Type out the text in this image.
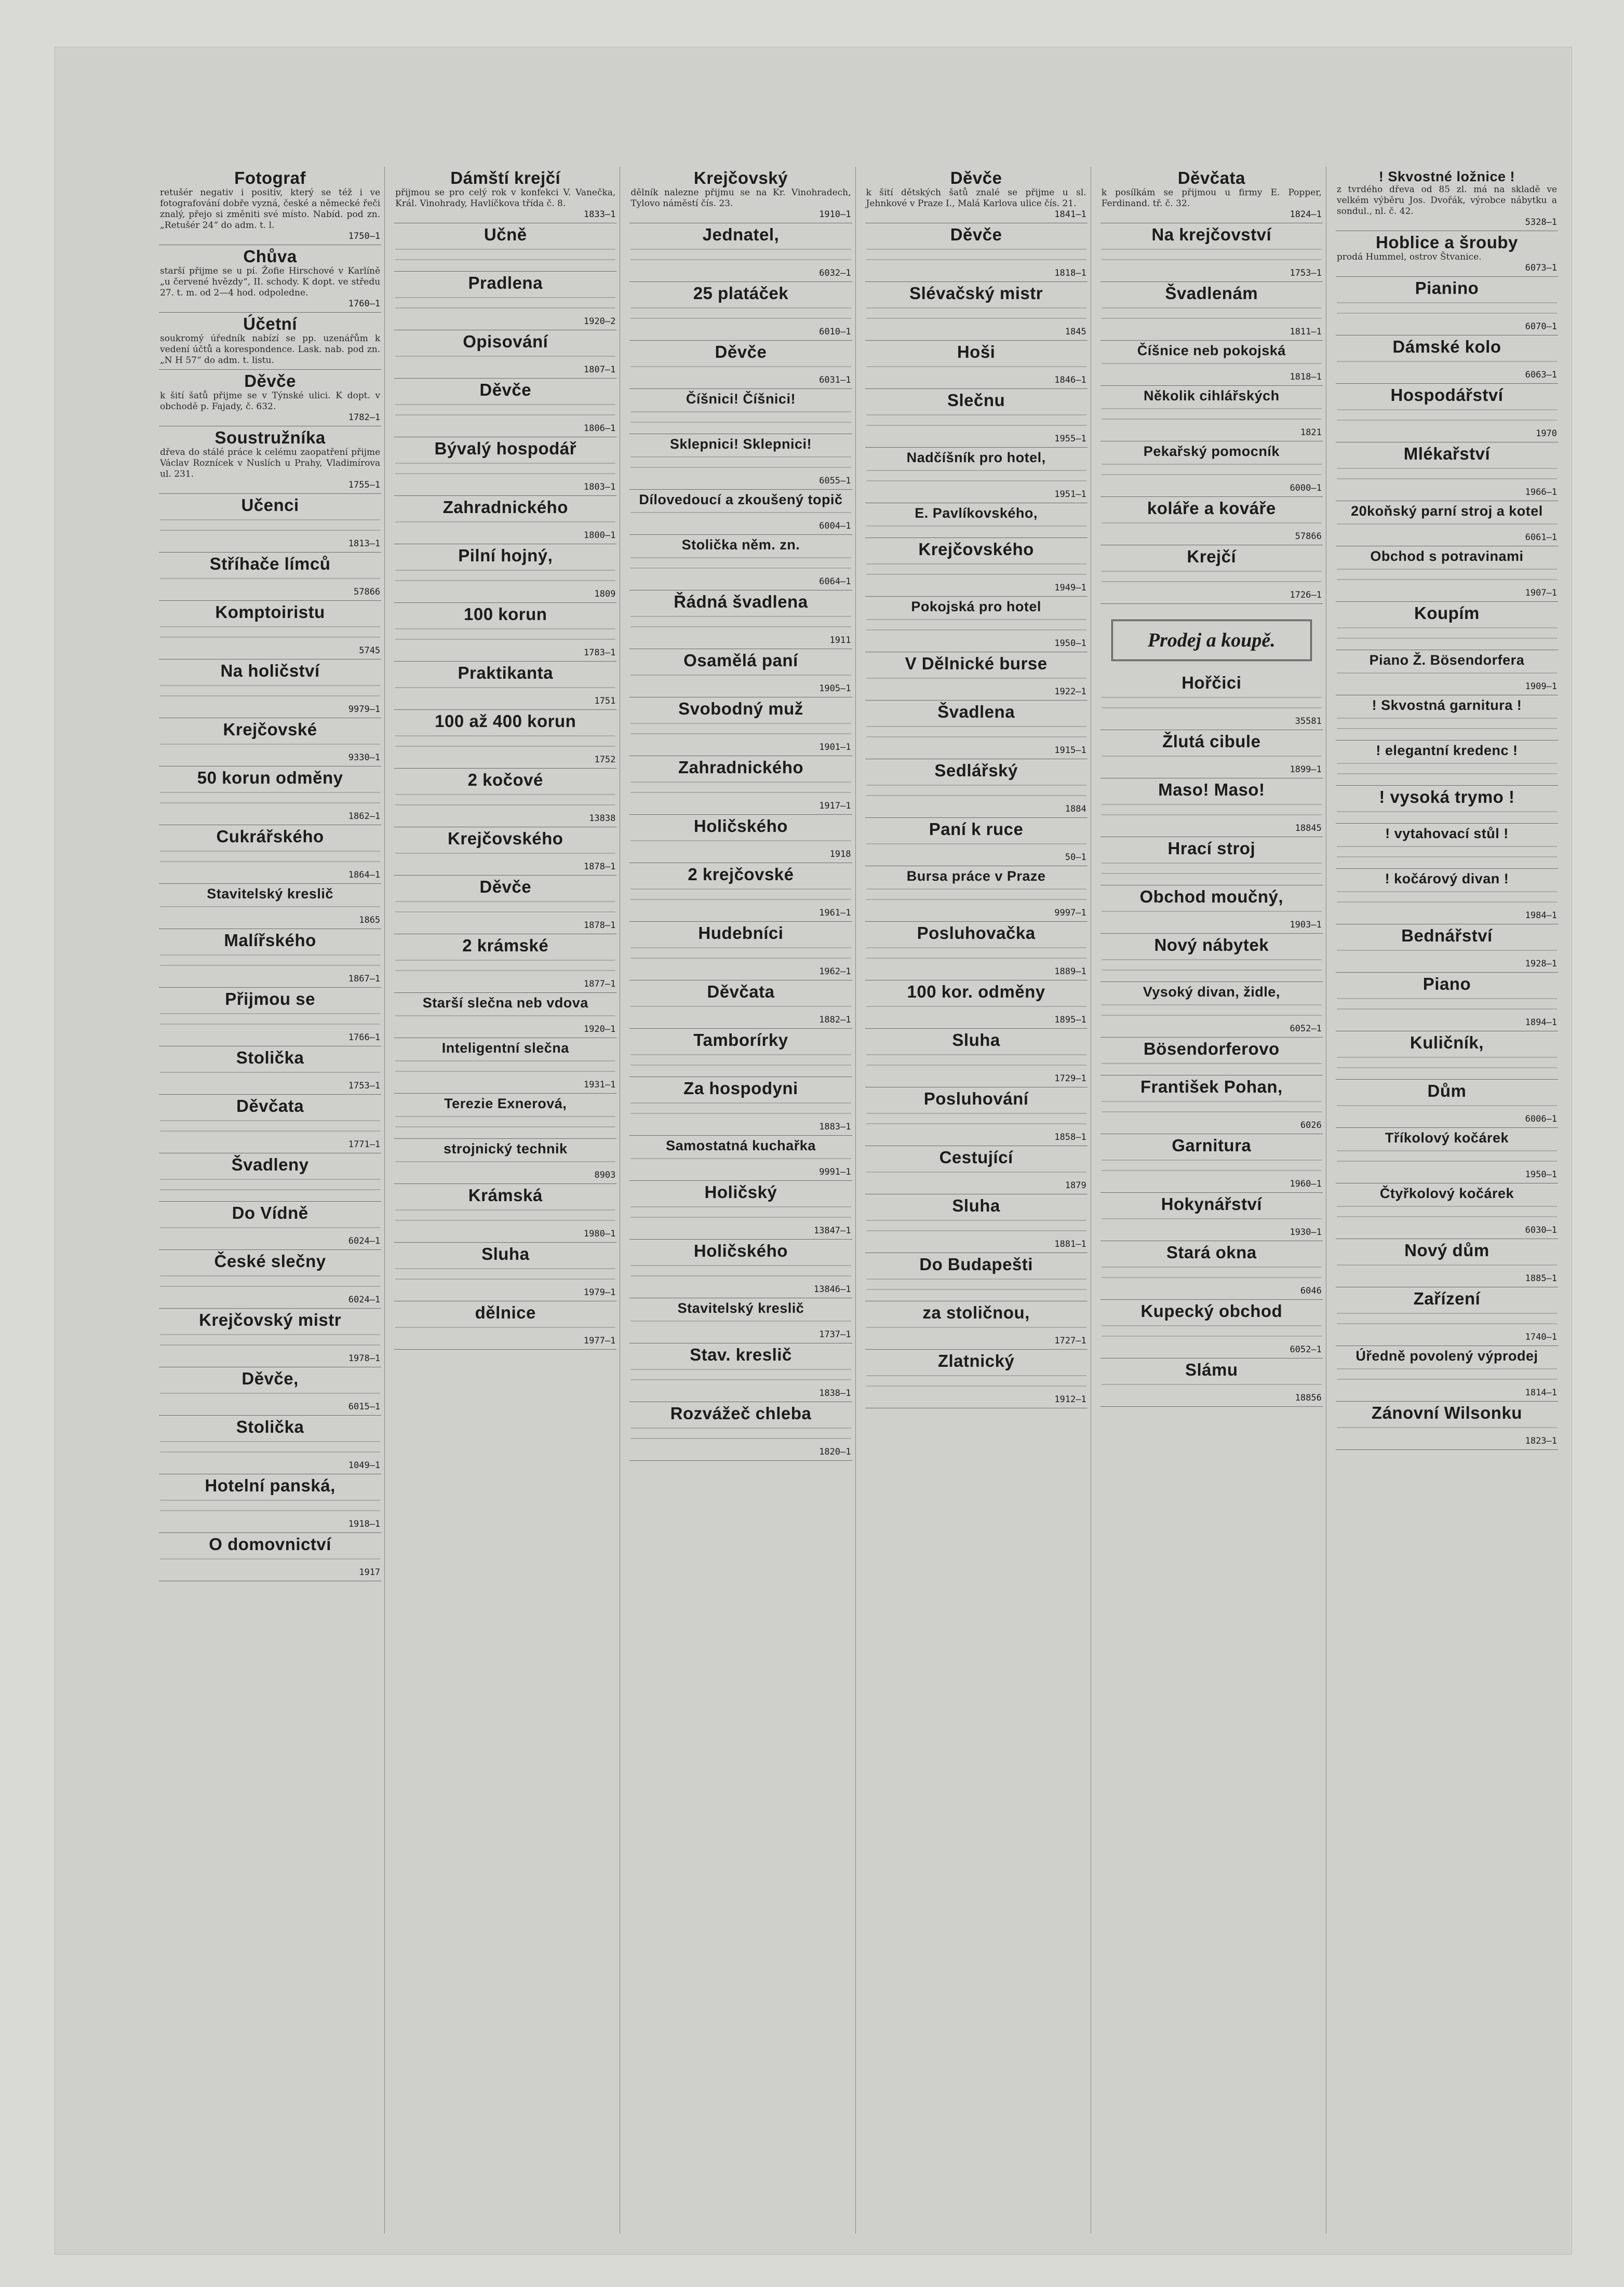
Fotograf
retušér negativ i positiv, který se též i ve fotografování dobře vyzná, české a německé řeči znalý, přejo si změniti své místo. Nabíd. pod zn. „Retušér 24“ do adm. t. l.
1750—1
Chůva
starší přijme se u pí. Žofie Hirschové v Karlíně „u červené hvězdy“, II. schody. K dopt. ve středu 27. t. m. od 2—4 hod. odpoledne.
1760—1
Účetní
soukromý úředník nabízí se pp. uzenářům k vedení účtů a korespondence. Lask. nab. pod zn. „N H 57“ do adm. t. listu.
Děvče
k šití šatů přijme se v Týnské ulici. K dopt. v obchodě p. Fajady, č. 632.
1782—1
Soustružníka
dřeva do stálé práce k celému zaopatření přijme Václav Roznícek v Nuslích u Prahy, Vladimírova ul. 231.
1755—1
Učenci
1813—1
Stříhače límců
57866
Komptoiristu
5745
Na holičství
9979—1
Krejčovské
9330—1
50 korun odměny
1862—1
Cukrářského
1864—1
Stavitelský kreslič
1865
Malířského
1867—1
Přijmou se
1766—1
Stolička
1753—1
Děvčata
1771—1
Švadleny
Do Vídně
6024—1
České slečny
6024—1
Krejčovský mistr
1978—1
Děvče,
6015—1
Stolička
1049—1
Hotelní panská,
1918—1
O domovnictví
1917
Dámští krejčí
přijmou se pro celý rok v konfekci V. Vanečka, Král. Vinohrady, Havlíčkova třída č. 8.
1833—1
Učně
Pradlena
1920—2
Opisování
1807—1
Děvče
1806—1
Bývalý hospodář
1803—1
Zahradnického
1800—1
Pilní hojný,
1809
100 korun
1783—1
Praktikanta
1751
100 až 400 korun
1752
2 kočové
13838
Krejčovského
1878—1
Děvče
1878—1
2 krámské
1877—1
Starší slečna neb vdova
1920—1
Inteligentní slečna
1931—1
Terezie Exnerová,
strojnický technik
8903
Krámská
1980—1
Sluha
1979—1
dělnice
1977—1
Krejčovský
dělník nalezne přijmu se na Kr. Vinohradech, Tylovo náměstí čís. 23.
1910—1
Jednatel,
6032—1
25 platáček
6010—1
Děvče
6031—1
Číšnici! Číšnici!
Sklepnici! Sklepnici!
6055—1
Dílovedoucí a zkoušený topič
6004—1
Stolička něm. zn.
6064—1
Řádná švadlena
1911
Osamělá paní
1905—1
Svobodný muž
1901—1
Zahradnického
1917—1
Holičského
1918
2 krejčovské
1961—1
Hudebníci
1962—1
Děvčata
1882—1
Tamborírky
Za hospodyni
1883—1
Samostatná kuchařka
9991—1
Holičský
13847—1
Holičského
13846—1
Stavitelský kreslič
1737—1
Stav. kreslič
1838—1
Rozvážeč chleba
1820—1
Děvče
k šití dětských šatů znalé se přijme u sl. Jehnkové v Praze I., Malá Karlova ulice čís. 21.
1841—1
Děvče
1818—1
Slévačský mistr
1845
Hoši
1846—1
Slečnu
1955—1
Nadčíšník pro hotel,
1951—1
E. Pavlíkovského,
Krejčovského
1949—1
Pokojská pro hotel
1950—1
V Dělnické burse
1922—1
Švadlena
1915—1
Sedlářský
1884
Paní k ruce
50—1
Bursa práce v Praze
9997—1
Posluhovačka
1889—1
100 kor. odměny
1895—1
Sluha
1729—1
Posluhování
1858—1
Cestující
1879
Sluha
1881—1
Do Budapešti
za stoličnou,
1727—1
Zlatnický
1912—1
Děvčata
k posílkám se přijmou u firmy E. Popper, Ferdinand. tř. č. 32.
1824—1
Na krejčovství
1753—1
Švadlenám
1811—1
Číšnice neb pokojská
1818—1
Několik cihlářských
1821
Pekařský pomocník
6000—1
koláře a kováře
57866
Krejčí
1726—1
Prodej a koupě.
Hořčici
35581
Žlutá cibule
1899—1
Maso! Maso!
18845
Hrací stroj
Obchod moučný,
1903—1
Nový nábytek
Vysoký divan, židle,
6052—1
Bösendorferovo
František Pohan,
6026
Garnitura
1960—1
Hokynářství
1930—1
Stará okna
6046
Kupecký obchod
6052—1
Slámu
18856
! Skvostné ložnice !
z tvrdého dřeva od 85 zl. má na skladě ve velkém výběru Jos. Dvořák, výrobce nábytku a sondul., nl. č. 42.
5328—1
Hoblice a šrouby
prodá Hummel, ostrov Štvanice.
6073—1
Pianino
6070—1
Dámské kolo
6063—1
Hospodářství
1970
Mlékařství
1966—1
20koňský parní stroj a kotel
6061—1
Obchod s potravinami
1907—1
Koupím
Piano Ž. Bösendorfera
1909—1
! Skvostná garnitura !
! elegantní kredenc !
! vysoká trymo !
! vytahovací stůl !
! kočárový divan !
1984—1
Bednářství
1928—1
Piano
1894—1
Kuličník,
Dům
6006—1
Tříkolový kočárek
1950—1
Čtyřkolový kočárek
6030—1
Nový dům
1885—1
Zařízení
1740—1
Úředně povolený výprodej
1814—1
Zánovní Wilsonku
1823—1
